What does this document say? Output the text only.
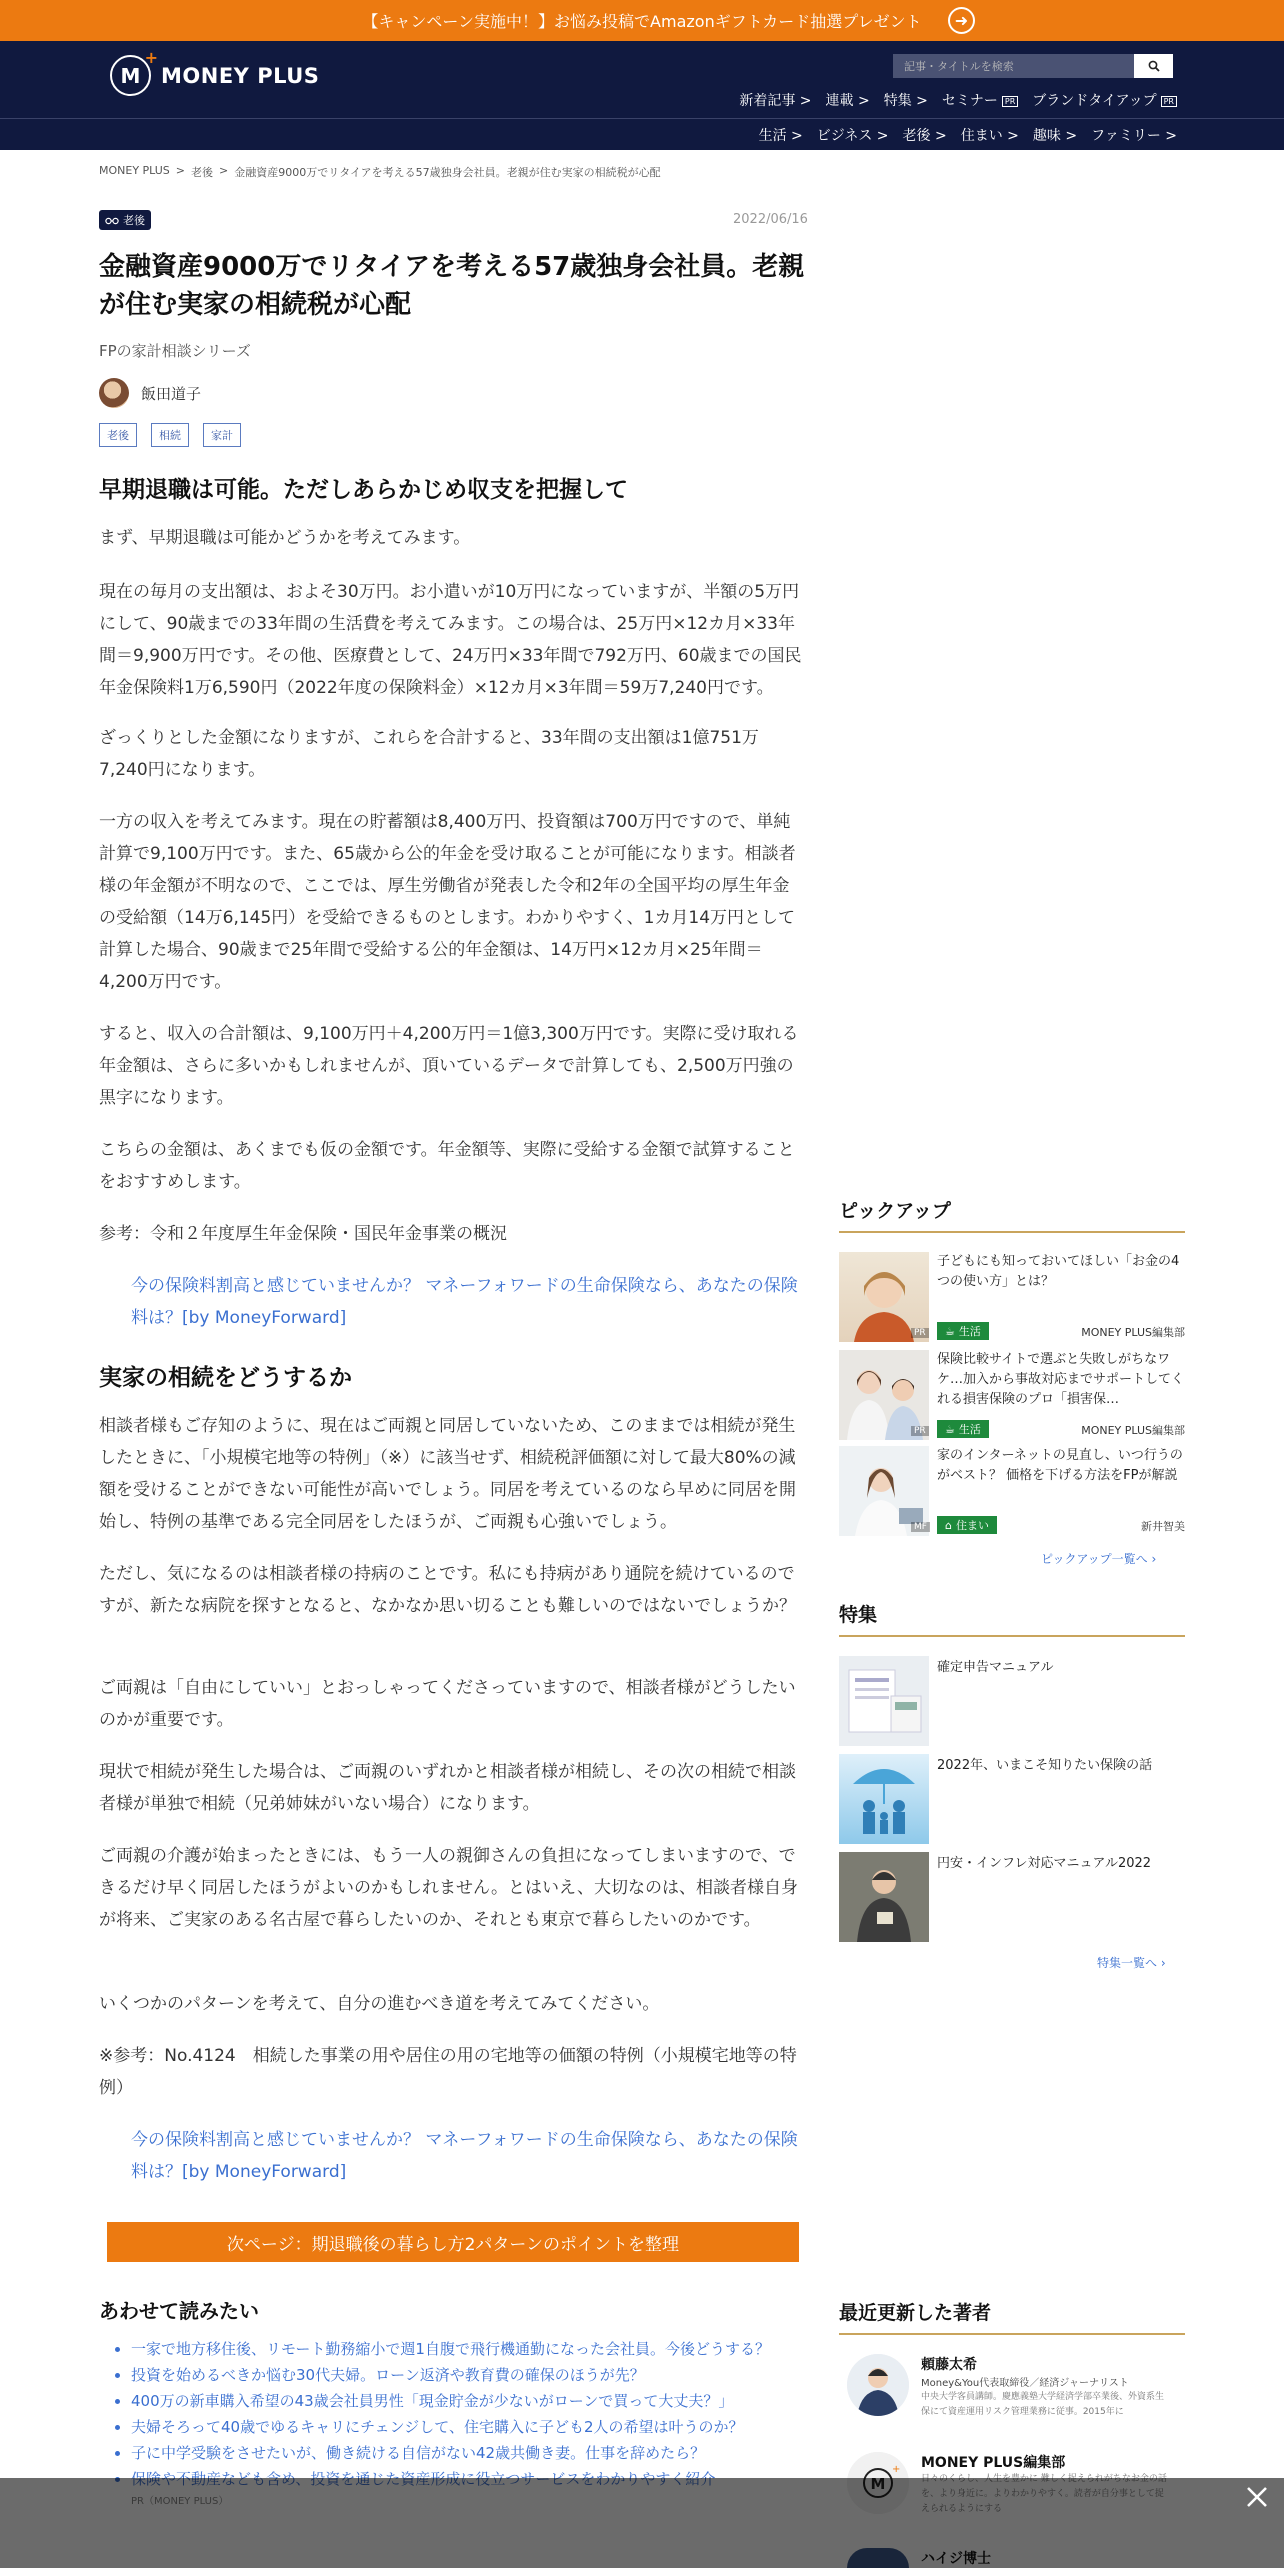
【キャンペーン実施中！】お悩み投稿でAmazonギフトカード抽選プレゼント	➜
M
+
MONEY PLUS
記事・タイトルを検索
新着記事 > 連載 > 特集 > セミナー PR ブランドタイアップ PR
生活 > ビジネス > 老後 > 住まい > 趣味 > ファミリー >
MONEY PLUS > 老後 > 金融資産9000万でリタイアを考える57歳独身会社員。老親が住む実家の相続税が心配
老後	2022/06/16
金融資産9000万でリタイアを考える57歳独身会社員。老親が住む実家の相続税が心配
FPの家計相談シリーズ
飯田道子
老後	相続	家計
早期退職は可能。ただしあらかじめ収支を把握して
まず、早期退職は可能かどうかを考えてみます。
現在の毎月の支出額は、およそ30万円。お小遣いが10万円になっていますが、半額の5万円にして、90歳までの33年間の生活費を考えてみます。この場合は、25万円×12カ月×33年間＝9,900万円です。その他、医療費として、24万円×33年間で792万円、60歳までの国民年金保険料1万6,590円（2022年度の保険料金）×12カ月×3年間＝59万7,240円です。
ざっくりとした金額になりますが、これらを合計すると、33年間の支出額は1億751万7,240円になります。
一方の収入を考えてみます。現在の貯蓄額は8,400万円、投資額は700万円ですので、単純計算で9,100万円です。また、65歳から公的年金を受け取ることが可能になります。相談者様の年金額が不明なので、ここでは、厚生労働省が発表した令和2年の全国平均の厚生年金の受給額（14万6,145円）を受給できるものとします。わかりやすく、1カ月14万円として計算した場合、90歳まで25年間で受給する公的年金額は、14万円×12カ月×25年間＝4,200万円です。
すると、収入の合計額は、9,100万円＋4,200万円＝1億3,300万円です。実際に受け取れる年金額は、さらに多いかもしれませんが、頂いているデータで計算しても、2,500万円強の黒字になります。
こちらの金額は、あくまでも仮の金額です。年金額等、実際に受給する金額で試算することをおすすめします。
参考：令和２年度厚生年金保険・国民年金事業の概況
今の保険料割高と感じていませんか？ マネーフォワードの生命保険なら、あなたの保険料は？[by MoneyForward]
実家の相続をどうするか
相談者様もご存知のように、現在はご両親と同居していないため、このままでは相続が発生したときに、「小規模宅地等の特例」（※）に該当せず、相続税評価額に対して最大80%の減額を受けることができない可能性が高いでしょう。同居を考えているのなら早めに同居を開始し、特例の基準である完全同居をしたほうが、ご両親も心強いでしょう。
ただし、気になるのは相談者様の持病のことです。私にも持病があり通院を続けているのですが、新たな病院を探すとなると、なかなか思い切ることも難しいのではないでしょうか？
ご両親は「自由にしていい」とおっしゃってくださっていますので、相談者様がどうしたいのかが重要です。
現状で相続が発生した場合は、ご両親のいずれかと相談者様が相続し、その次の相続で相談者様が単独で相続（兄弟姉妹がいない場合）になります。
ご両親の介護が始まったときには、もう一人の親御さんの負担になってしまいますので、できるだけ早く同居したほうがよいのかもしれません。とはいえ、大切なのは、相談者様自身が将来、ご実家のある名古屋で暮らしたいのか、それとも東京で暮らしたいのかです。
いくつかのパターンを考えて、自分の進むべき道を考えてみてください。
※参考：No.4124　相続した事業の用や居住の用の宅地等の価額の特例（小規模宅地等の特例）
今の保険料割高と感じていませんか？ マネーフォワードの生命保険なら、あなたの保険料は？[by MoneyForward]
次ページ：期退職後の暮らし方2パターンのポイントを整理
あわせて読みたい
一家で地方移住後、リモート勤務縮小で週1自腹で飛行機通勤になった会社員。今後どうする？
投資を始めるべきか悩む30代夫婦。ローン返済や教育費の確保のほうが先？
400万の新車購入希望の43歳会社員男性「現金貯金が少ないがローンで買って大丈夫？」
夫婦そろって40歳でゆるキャリにチェンジして、住宅購入に子ども2人の希望は叶うのか？
子に中学受験をさせたいが、働き続ける自信がない42歳共働き妻。仕事を辞めたら？
ピックアップ
PR
子どもにも知っておいてほしい「お金の4つの使い方」とは？
☕ 生活	MONEY PLUS編集部
PR
保険比較サイトで選ぶと失敗しがちなワケ…加入から事故対応までサポートしてくれる損害保険のプロ「損害保…
☕ 生活	MONEY PLUS編集部
MF
家のインターネットの見直し、いつ行うのがベスト？ 価格を下げる方法をFPが解説
⌂ 住まい	新井智美
ピックアップ一覧へ ›
特集
確定申告マニュアル
2022年、いまこそ知りたい保険の話
円安・インフレ対応マニュアル2022
特集一覧へ ›
最近更新した著者
頼藤太希
Money&You代表取締役／経済ジャーナリスト
中央大学客員講師。慶應義塾大学経済学部卒業後、外資系生保にて資産運用リスク管理業務に従事。2015年に
+ MONEY PLUS編集部
